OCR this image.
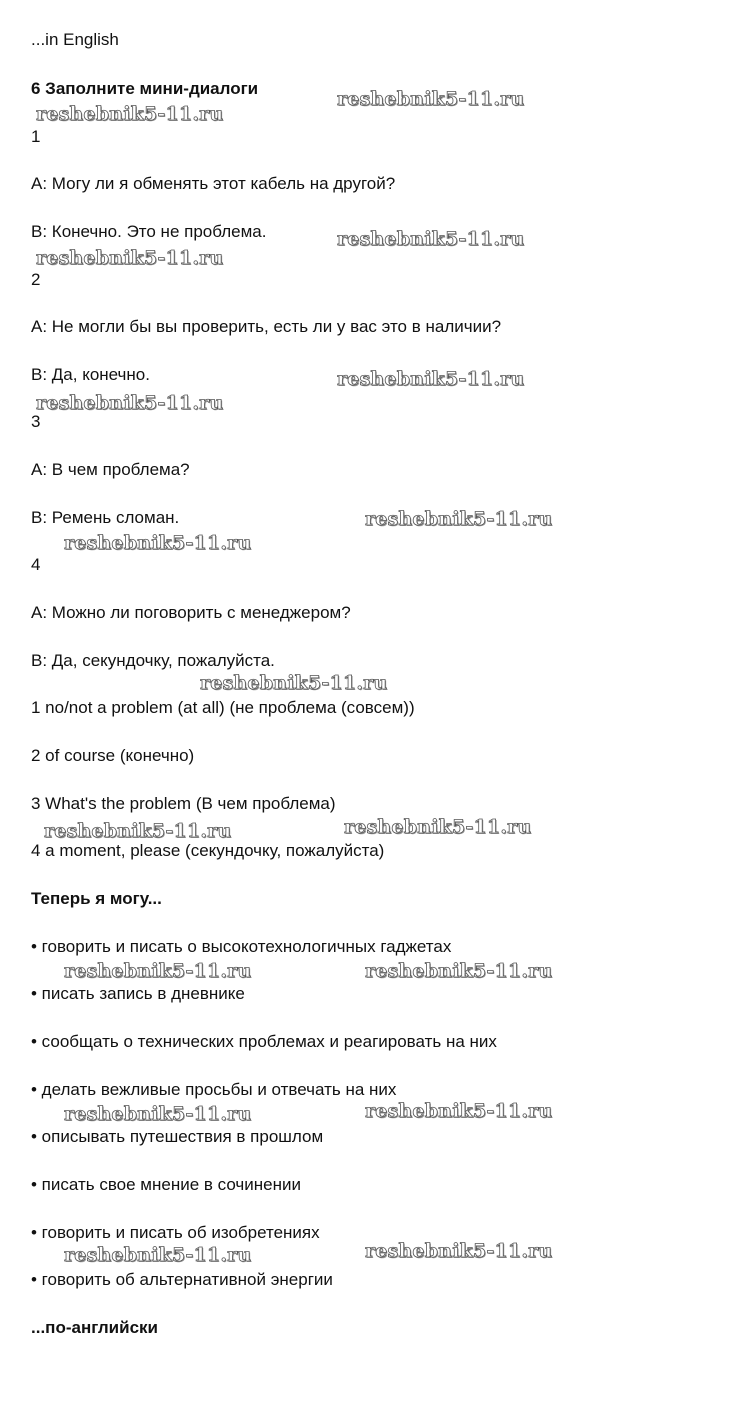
...in English
6 Заполните мини-диалоги
1
A: Могу ли я обменять этот кабель на другой?
B: Конечно. Это не проблема.
2
A: Не могли бы вы проверить, есть ли у вас это в наличии?
B: Да, конечно.
3
A: В чем проблема?
B: Ремень сломан.
4
A: Можно ли поговорить с менеджером?
B: Да, секундочку, пожалуйста.
1 no/not a problem (at all) (не проблема (совсем))
2 of course (конечно)
3 What's the problem (В чем проблема)
4 a moment, please (секундочку, пожалуйста)
Теперь я могу...
• говорить и писать о высокотехнологичных гаджетах
• писать запись в дневнике
• сообщать о технических проблемах и реагировать на них
• делать вежливые просьбы и отвечать на них
• описывать путешествия в прошлом
• писать свое мнение в сочинении
• говорить и писать об изобретениях
• говорить об альтернативной энергии
...по-английски
reshebnik5-11.ru
reshebnik5-11.ru
reshebnik5-11.ru
reshebnik5-11.ru
reshebnik5-11.ru
reshebnik5-11.ru
reshebnik5-11.ru
reshebnik5-11.ru
reshebnik5-11.ru
reshebnik5-11.ru	reshebnik5-11.ru
reshebnik5-11.ru	reshebnik5-11.ru
reshebnik5-11.ru	reshebnik5-11.ru
reshebnik5-11.ru	reshebnik5-11.ru
